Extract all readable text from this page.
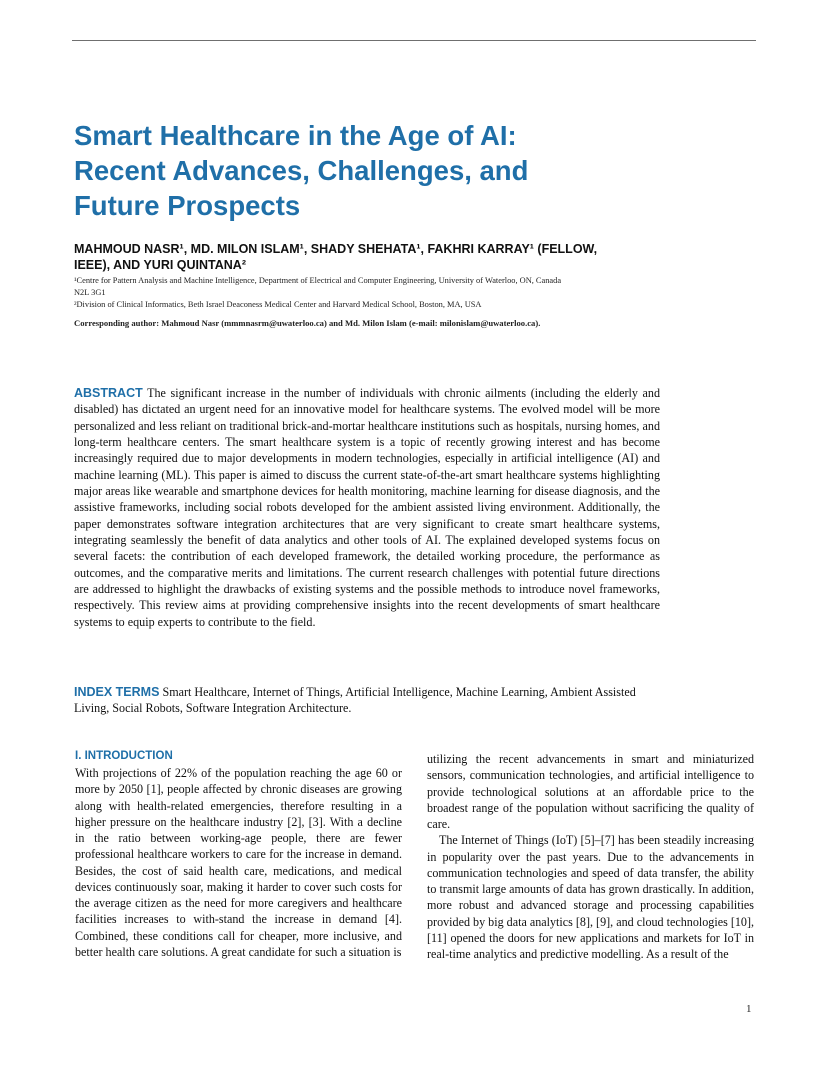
Smart Healthcare in the Age of AI:
Recent Advances, Challenges, and
Future Prospects
MAHMOUD NASR¹, MD. MILON ISLAM¹, SHADY SHEHATA¹, FAKHRI KARRAY¹ (FELLOW,
IEEE), AND YURI QUINTANA²
¹Centre for Pattern Analysis and Machine Intelligence, Department of Electrical and Computer Engineering, University of Waterloo, ON, Canada
N2L 3G1
²Division of Clinical Informatics, Beth Israel Deaconess Medical Center and Harvard Medical School, Boston, MA, USA
Corresponding author: Mahmoud Nasr (mmmnasrm@uwaterloo.ca) and Md. Milon Islam (e-mail: milonislam@uwaterloo.ca).

ABSTRACT The significant increase in the number of individuals with chronic ailments (including the elderly and disabled) has dictated an urgent need for an innovative model for healthcare systems. The evolved model will be more personalized and less reliant on traditional brick-and-mortar healthcare institutions such as hospitals, nursing homes, and long-term healthcare centers. The smart healthcare system is a topic of recently growing interest and has become increasingly required due to major developments in modern technologies, especially in artificial intelligence (AI) and machine learning (ML). This paper is aimed to discuss the current state-of-the-art smart healthcare systems highlighting major areas like wearable and smartphone devices for health monitoring, machine learning for disease diagnosis, and the assistive frameworks, including social robots developed for the ambient assisted living environment. Additionally, the paper demonstrates software integration architectures that are very significant to create smart healthcare systems, integrating seamlessly the benefit of data analytics and other tools of AI. The explained developed systems focus on several facets: the contribution of each developed framework, the detailed working procedure, the performance as outcomes, and the comparative merits and limitations. The current research challenges with potential future directions are addressed to highlight the drawbacks of existing systems and the possible methods to introduce novel frameworks, respectively. This review aims at providing comprehensive insights into the recent developments of smart healthcare systems to equip experts to contribute to the field.

INDEX TERMS Smart Healthcare, Internet of Things, Artificial Intelligence, Machine Learning, Ambient Assisted Living, Social Robots, Software Integration Architecture.

I. INTRODUCTION

With projections of 22% of the population reaching the age 60 or more by 2050 [1], people affected by chronic diseases are growing along with health-related emergencies, therefore resulting in a higher pressure on the healthcare industry [2], [3]. With a decline in the ratio between working-age people, there are fewer professional healthcare workers to care for the increase in demand. Besides, the cost of said health care, medications, and medical devices continuously soar, making it harder to cover such costs for the average citizen as the need for more caregivers and healthcare facilities increases to with-stand the increase in demand [4]. Combined, these conditions call for cheaper, more inclusive, and better health care solutions. A great candidate for such a situation is

utilizing the recent advancements in smart and miniaturized sensors, communication technologies, and artificial intelligence to provide technological solutions at an affordable price to the broadest range of the population without sacrificing the quality of care.

The Internet of Things (IoT) [5]–[7] has been steadily increasing in popularity over the past years. Due to the advancements in communication technologies and speed of data transfer, the ability to transmit large amounts of data has grown drastically. In addition, more robust and advanced storage and processing capabilities provided by big data analytics [8], [9], and cloud technologies [10], [11] opened the doors for new applications and markets for IoT in real-time analytics and predictive modelling. As a result of the

1
